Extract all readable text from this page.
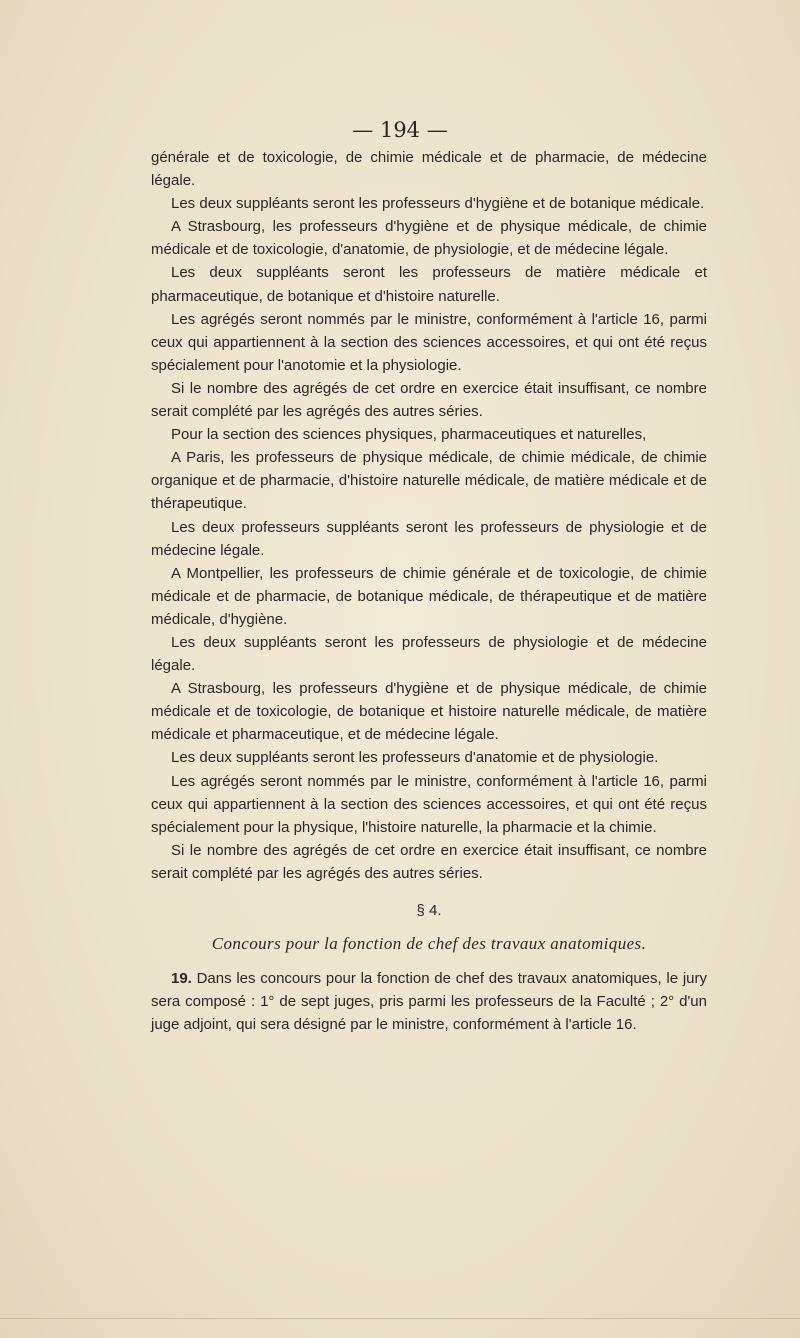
— 194 —

générale et de toxicologie, de chimie médicale et de pharmacie, de médecine légale.

Les deux suppléants seront les professeurs d'hygiène et de botanique médicale.

A Strasbourg, les professeurs d'hygiène et de physique médicale, de chimie médicale et de toxicologie, d'anatomie, de physiologie, et de médecine légale.

Les deux suppléants seront les professeurs de matière médicale et pharmaceutique, de botanique et d'histoire naturelle.

Les agrégés seront nommés par le ministre, conformément à l'article 16, parmi ceux qui appartiennent à la section des sciences accessoires, et qui ont été reçus spécialement pour l'anotomie et la physiologie.

Si le nombre des agrégés de cet ordre en exercice était insuffisant, ce nombre serait complété par les agrégés des autres séries.

Pour la section des sciences physiques, pharmaceutiques et naturelles,

A Paris, les professeurs de physique médicale, de chimie médicale, de chimie organique et de pharmacie, d'histoire naturelle médicale, de matière médicale et de thérapeutique.

Les deux professeurs suppléants seront les professeurs de physiologie et de médecine légale.

A Montpellier, les professeurs de chimie générale et de toxicologie, de chimie médicale et de pharmacie, de botanique médicale, de thérapeutique et de matière médicale, d'hygiène.

Les deux suppléants seront les professeurs de physiologie et de médecine légale.

A Strasbourg, les professeurs d'hygiène et de physique médicale, de chimie médicale et de toxicologie, de botanique et histoire naturelle médicale, de matière médicale et pharmaceutique, et de médecine légale.

Les deux suppléants seront les professeurs d'anatomie et de physiologie.

Les agrégés seront nommés par le ministre, conformément à l'article 16, parmi ceux qui appartiennent à la section des sciences accessoires, et qui ont été reçus spécialement pour la physique, l'histoire naturelle, la pharmacie et la chimie.

Si le nombre des agrégés de cet ordre en exercice était insuffisant, ce nombre serait complété par les agrégés des autres séries.

§ 4.
Concours pour la fonction de chef des travaux anatomiques.

19. Dans les concours pour la fonction de chef des travaux anatomiques, le jury sera composé : 1° de sept juges, pris parmi les professeurs de la Faculté ; 2° d'un juge adjoint, qui sera désigné par le ministre, conformément à l'article 16.
